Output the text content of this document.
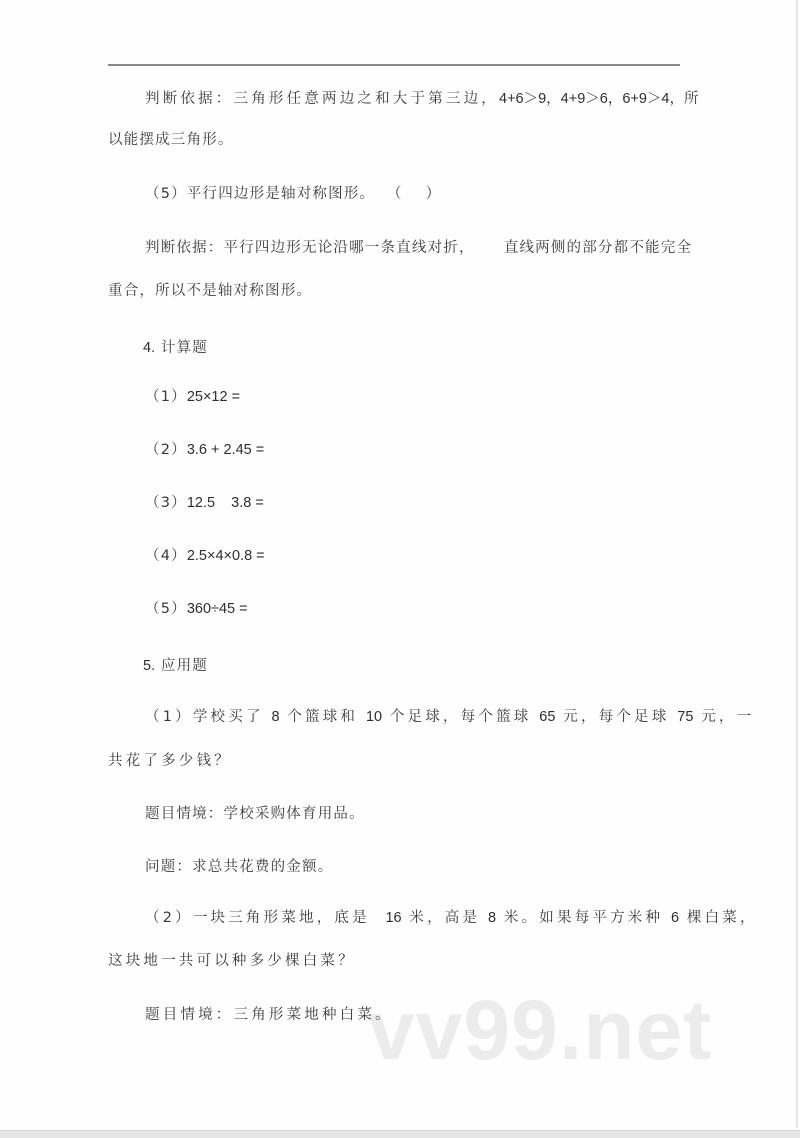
判断依据：三角形任意两边之和大于第三边，4+6＞9，4+9＞6，6+9＞4，所
以能摆成三角形。
（5）平行四边形是轴对称图形。  （    ）
判断依据：平行四边形无论沿哪一条直线对折，     直线两侧的部分都不能完全
重合，所以不是轴对称图形。
4. 计算题
（1）25×12 =
（2）3.6 + 2.45 =
（3）12.5    3.8 =
（4）2.5×4×0.8 =
（5）360÷45 =
5. 应用题
（1）学校买了 8 个篮球和 10 个足球，每个篮球 65 元，每个足球 75 元，一
共花了多少钱？
题目情境：学校采购体育用品。
问题：求总共花费的金额。
（2）一块三角形菜地，底是  16 米，高是 8 米。如果每平方米种 6 棵白菜，
这块地一共可以种多少棵白菜？
题目情境：三角形菜地种白菜。
vv99.net
